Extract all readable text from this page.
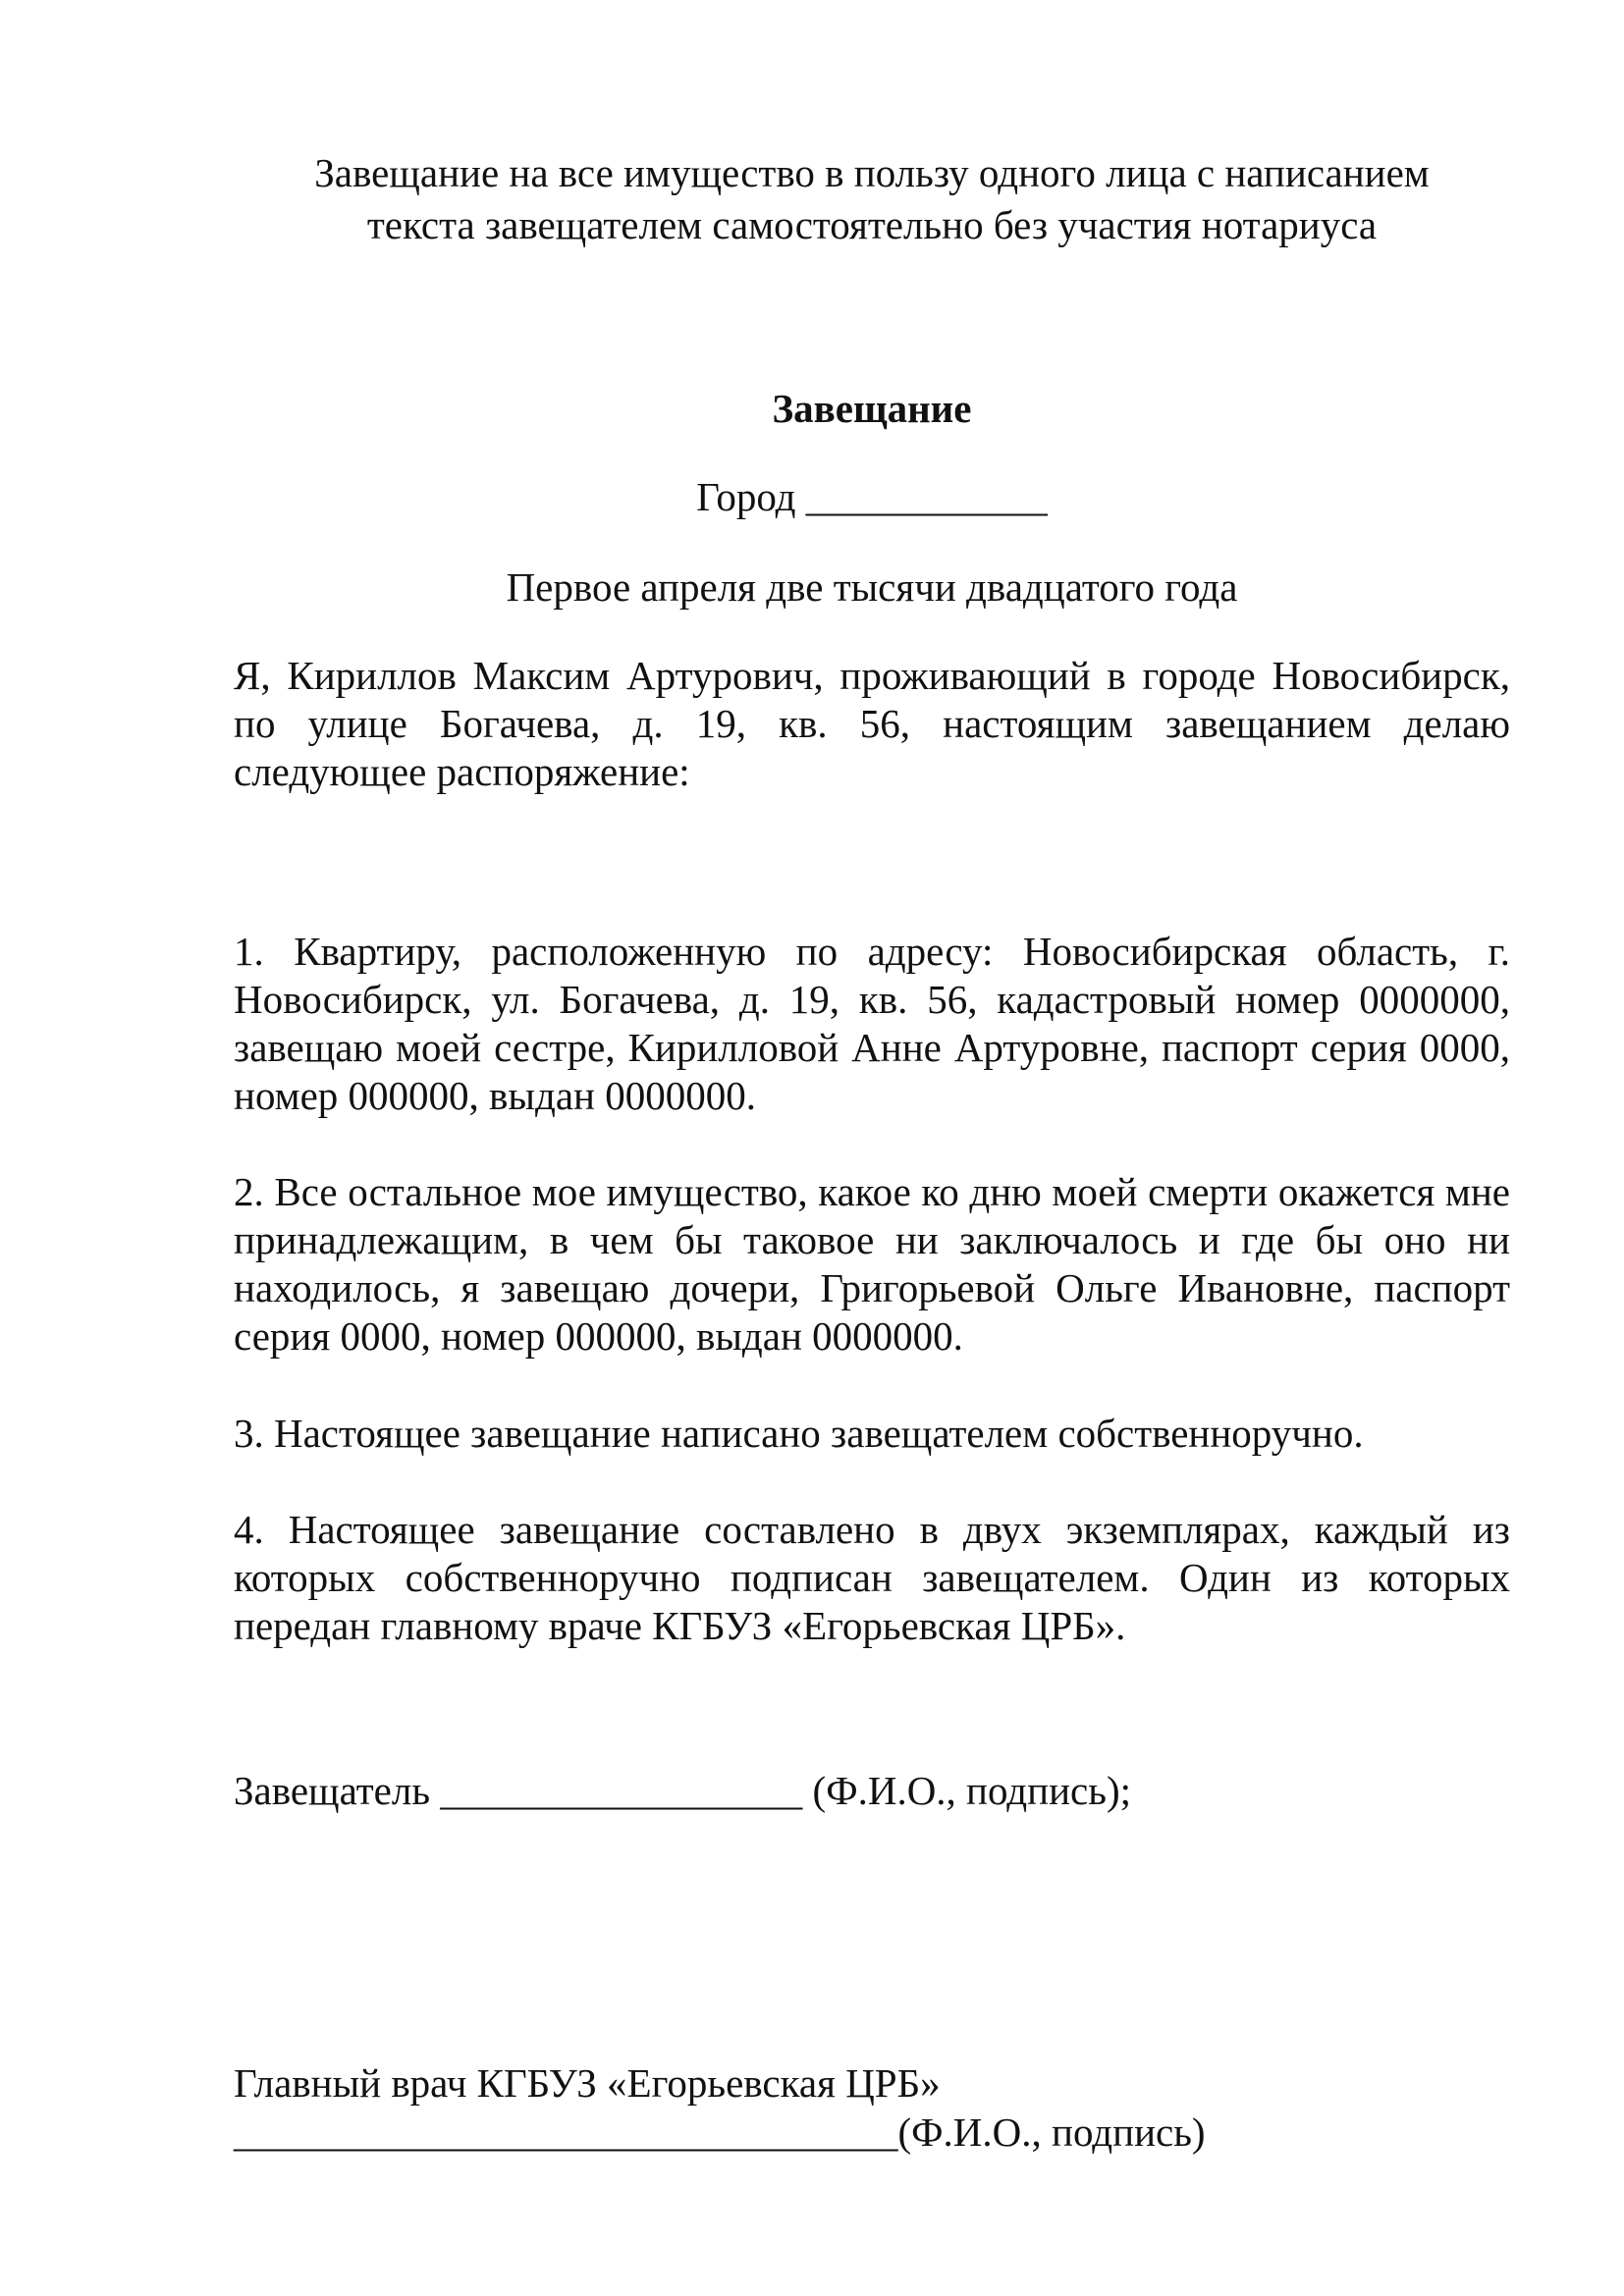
Завещание на все имущество в пользу одного лица с написанием
текста завещателем самостоятельно без участия нотариуса
Завещание
Город ____________
Первое апреля две тысячи двадцатого года
Я, Кириллов Максим Артурович, проживающий в городе Новосибирск, по улице Богачева, д. 19, кв. 56, настоящим завещанием делаю следующее распоряжение:
1. Квартиру, расположенную по адресу: Новосибирская область, г. Новосибирск, ул. Богачева, д. 19, кв. 56, кадастровый номер 0000000, завещаю моей сестре, Кирилловой Анне Артуровне, паспорт серия 0000, номер 000000, выдан 0000000.
2. Все остальное мое имущество, какое ко дню моей смерти окажется мне принадлежащим, в чем бы таковое ни заключалось и где бы оно ни находилось, я завещаю дочери, Григорьевой Ольге Ивановне, паспорт серия 0000, номер 000000, выдан 0000000.
3. Настоящее завещание написано завещателем собственноручно.
4. Настоящее завещание составлено в двух экземплярах, каждый из которых собственноручно подписан завещателем. Один из которых передан главному враче КГБУЗ «Егорьевская ЦРБ».
Завещатель __________________ (Ф.И.О., подпись);
Главный врач КГБУЗ «Егорьевская ЦРБ»
_________________________________(Ф.И.О., подпись)
